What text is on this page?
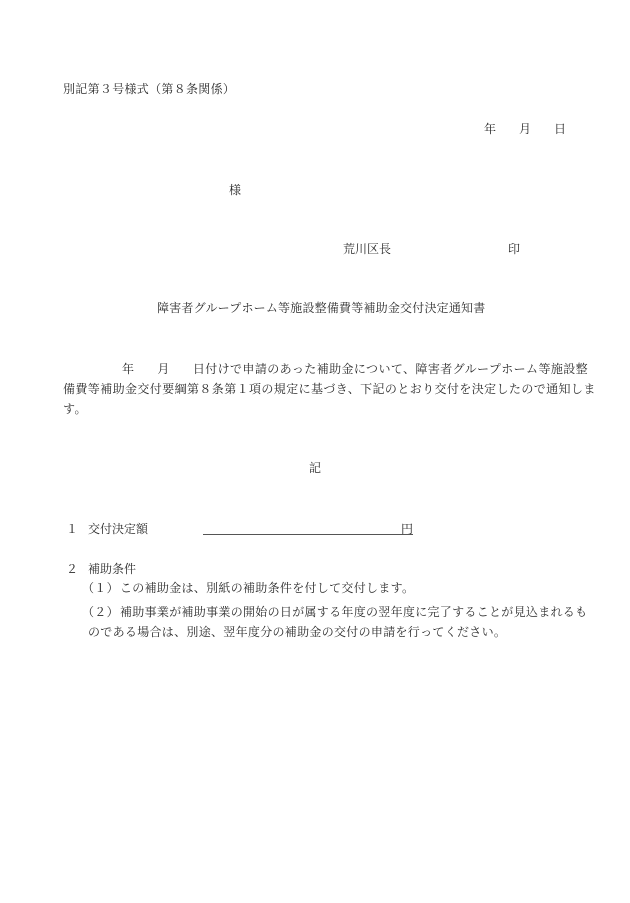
別記第３号様式（第８条関係）
年 月 日
様
荒川区長	印
障害者グループホーム等施設整備費等補助金交付決定通知書
年 月 日付けで申請のあった補助金について、障害者グループホーム等施設整
備費等補助金交付要綱第８条第１項の規定に基づき、下記のとおり交付を決定したので通知しま
す。
記
１ 交付決定額	円
２ 補助条件
（１）この補助金は、別紙の補助条件を付して交付します。
（２）補助事業が補助事業の開始の日が属する年度の翌年度に完了することが見込まれるも
のである場合は、別途、翌年度分の補助金の交付の申請を行ってください。
